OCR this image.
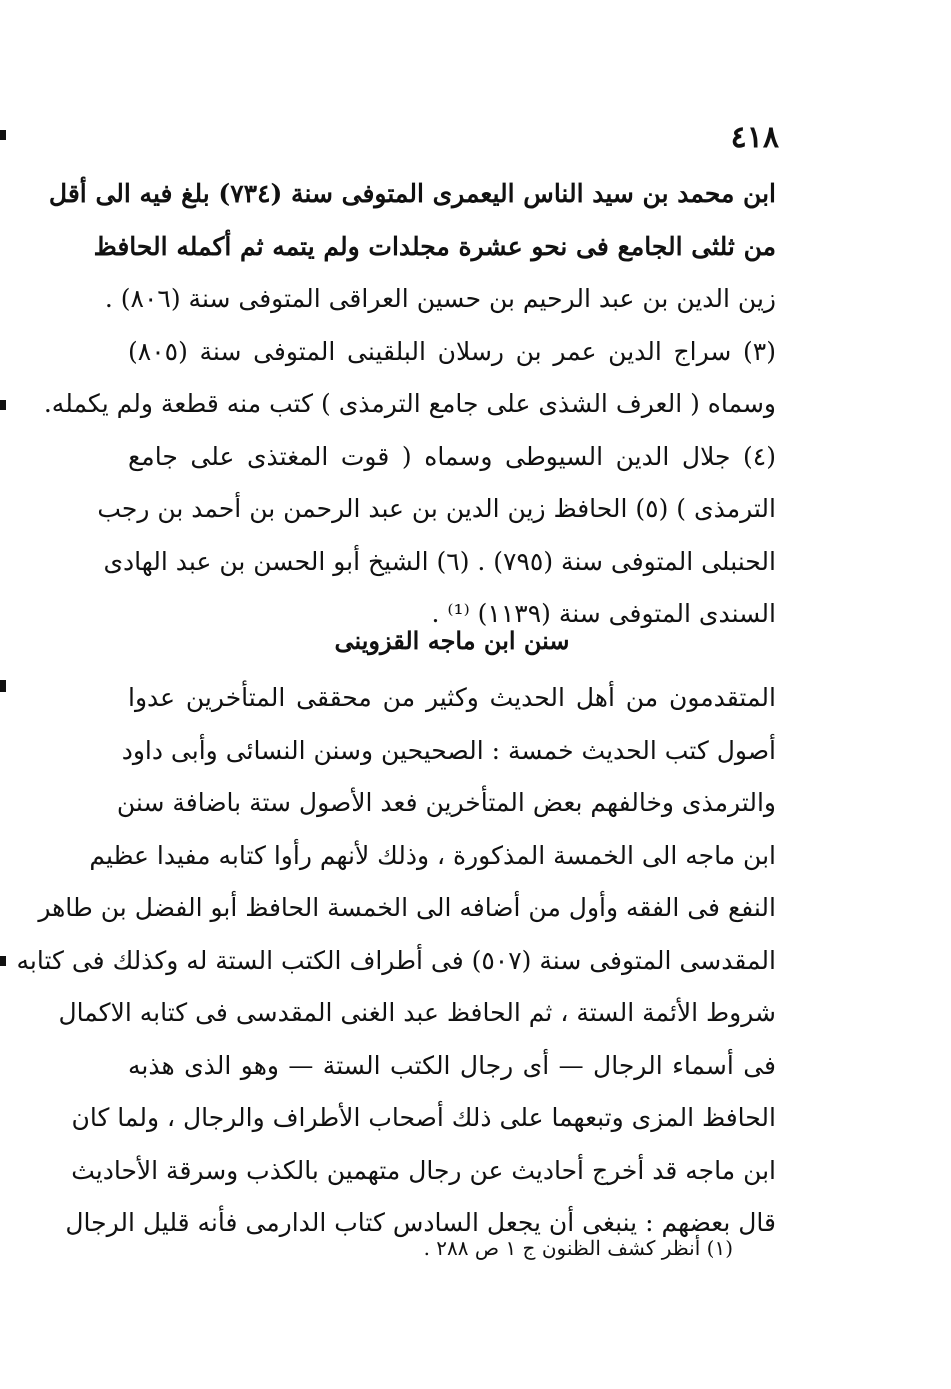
٤١٨
ابن محمد بن سيد الناس اليعمرى المتوفى سنة (٧٣٤) بلغ فيه الى أقل
من ثلثى الجامع فى نحو عشرة مجلدات ولم يتمه ثم أكمله الحافظ
زين الدين بن عبد الرحيم بن حسين العراقى المتوفى سنة (٨٠٦) .
(٣) سراج الدين عمر بن رسلان البلقينى المتوفى سنة (٨٠٥)
وسماه ( العرف الشذى على جامع الترمذى ) كتب منه قطعة ولم يكمله.
(٤) جلال الدين السيوطى وسماه ( قوت المغتذى على جامع
الترمذى ) (٥) الحافظ زين الدين بن عبد الرحمن بن أحمد بن رجب
الحنبلى المتوفى سنة (٧٩٥) . (٦) الشيخ أبو الحسن بن عبد الهادى
السندى المتوفى سنة (١١٣٩) ⁽¹⁾ .
سنن ابن ماجه القزوينى
المتقدمون من أهل الحديث وكثير من محققى المتأخرين عدوا
أصول كتب الحديث خمسة : الصحيحين وسنن النسائى وأبى داود
والترمذى وخالفهم بعض المتأخرين فعد الأصول ستة باضافة سنن
ابن ماجه الى الخمسة المذكورة ، وذلك لأنهم رأوا كتابه مفيدا عظيم
النفع فى الفقه وأول من أضافه الى الخمسة الحافظ أبو الفضل بن طاهر
المقدسى المتوفى سنة (٥٠٧) فى أطراف الكتب الستة له وكذلك فى كتابه
شروط الأئمة الستة ، ثم الحافظ عبد الغنى المقدسى فى كتابه الاكمال
فى أسماء الرجال — أى رجال الكتب الستة — وهو الذى هذبه
الحافظ المزى وتبعهما على ذلك أصحاب الأطراف والرجال ، ولما كان
ابن ماجه قد أخرج أحاديث عن رجال متهمين بالكذب وسرقة الأحاديث
قال بعضهم : ينبغى أن يجعل السادس كتاب الدارمى فأنه قليل الرجال
(١) أنظر كشف الظنون ج ١ ص ٢٨٨ .
